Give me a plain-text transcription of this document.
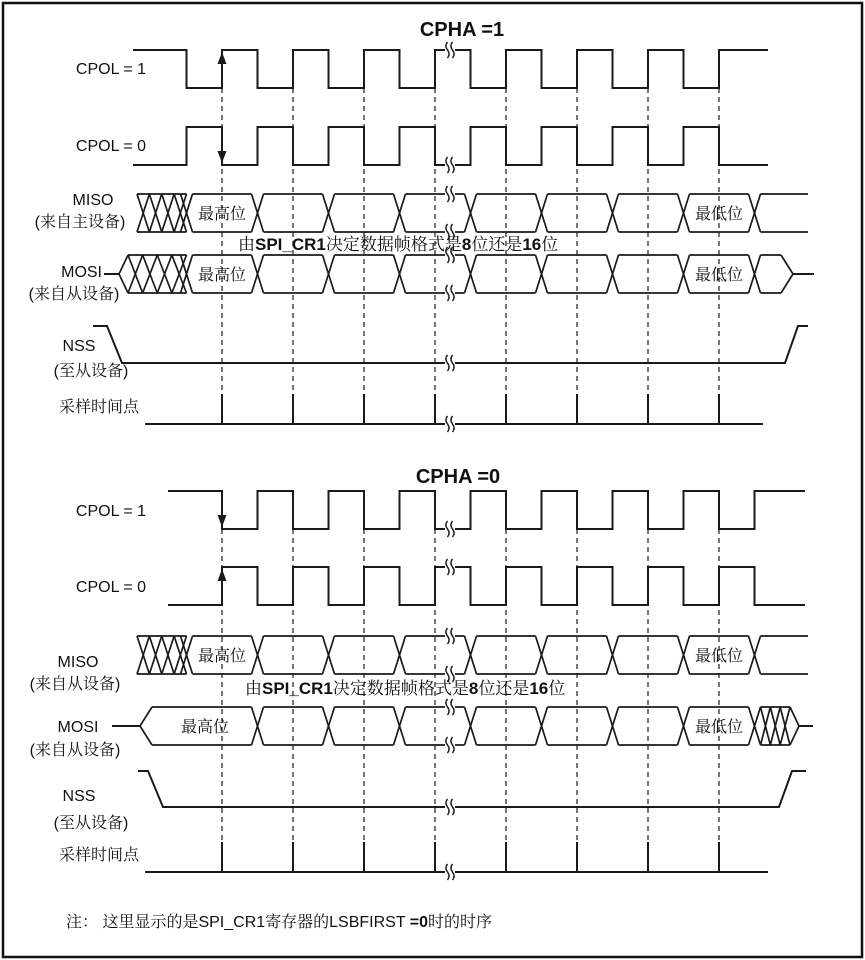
CPHA =1
CPOL = 1
CPOL = 0
MISO
(来自主设备)	最高位	最低位
由SPI_CR1决定数据帧格式是8位还是16位
MOSI	最高位	最低位
(来自从设备)
NSS
(至从设备)
采样时间点
CPHA =0
CPOL = 1
CPOL = 0
MISO
(来自从设备)
最高位	最低位
由SPI_CR1决定数据帧格式是8位还是16位
MOSI	最高位	最低位
(来自从设备)
NSS
(至从设备)
采样时间点
注： 这里显示的是SPI_CR1寄存器的LSBFIRST =0时的时序
